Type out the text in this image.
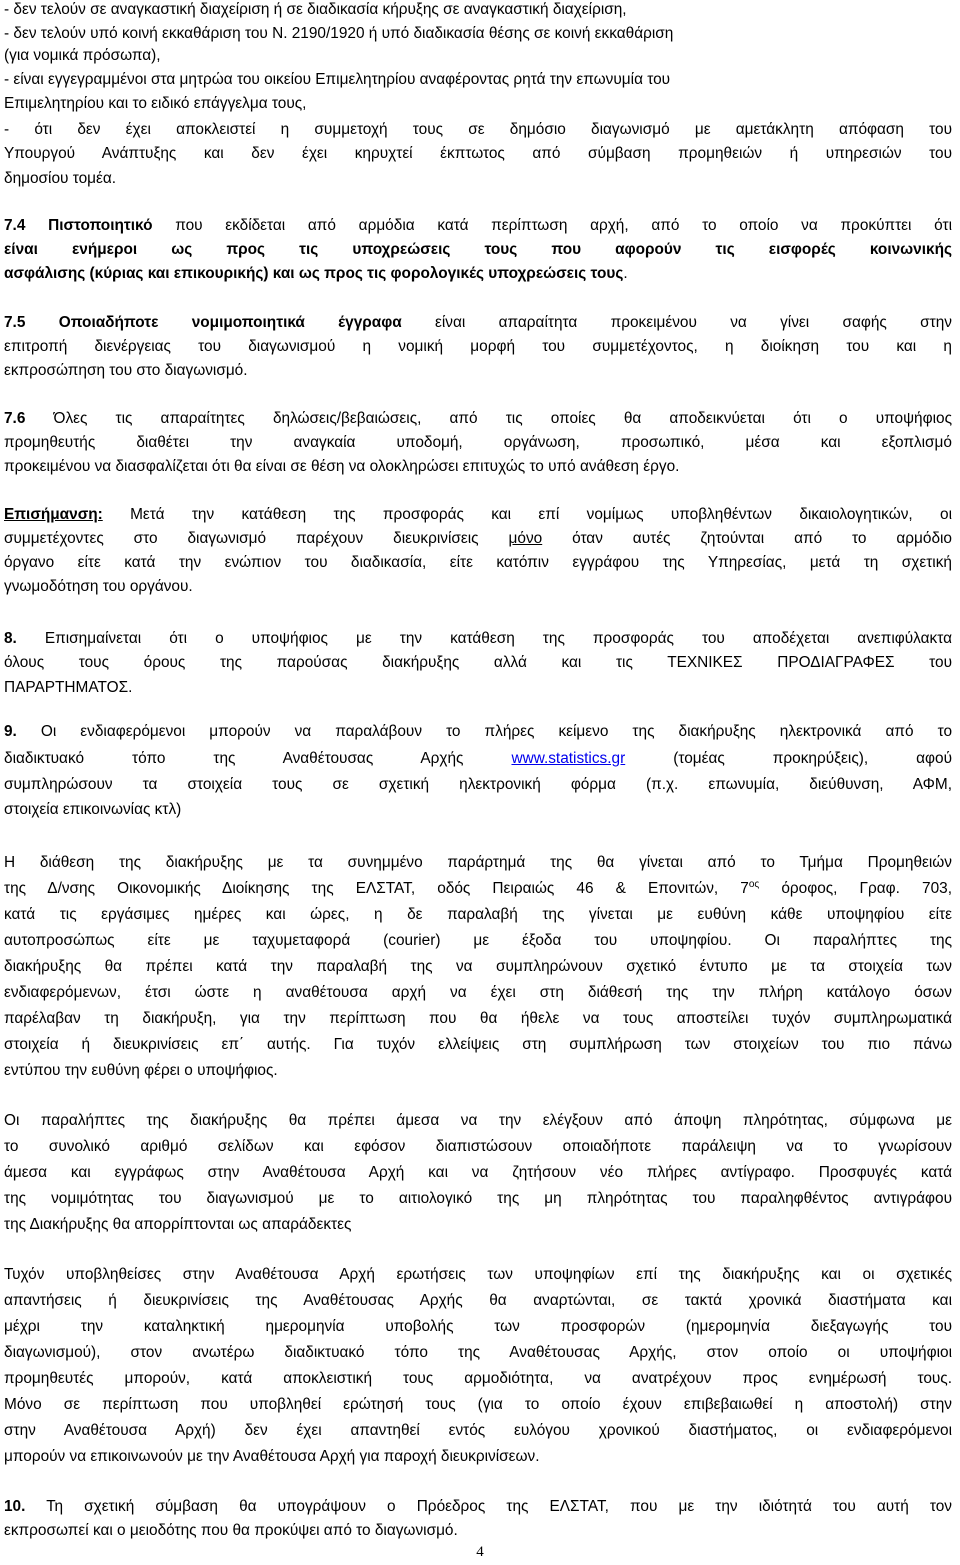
- δεν τελούν σε αναγκαστική διαχείριση ή σε διαδικασία κήρυξης σε αναγκαστική διαχείριση,
- δεν τελούν υπό κοινή εκκαθάριση του Ν. 2190/1920 ή υπό διαδικασία θέσης σε κοινή εκκαθάριση
(για νομικά πρόσωπα),
- είναι εγγεγραμμένοι στα μητρώα του οικείου Επιμελητηρίου αναφέροντας ρητά την επωνυμία του
Επιμελητηρίου και το ειδικό επάγγελμα τους,
- ότι δεν έχει αποκλειστεί η συμμετοχή τους σε δημόσιο διαγωνισμό με αμετάκλητη απόφαση του
Υπουργού Ανάπτυξης και δεν έχει κηρυχτεί έκπτωτος από σύμβαση προμηθειών ή υπηρεσιών του
δημοσίου τομέα.
7.4 Πιστοποιητικό που εκδίδεται από αρμόδια κατά περίπτωση αρχή, από το οποίο να προκύπτει ότι
είναι ενήμεροι ως προς τις υποχρεώσεις τους που αφορούν τις εισφορές κοινωνικής
ασφάλισης (κύριας και επικουρικής) και ως προς τις φορολογικές υποχρεώσεις τους.
7.5 Οποιαδήποτε νομιμοποιητικά έγγραφα είναι απαραίτητα προκειμένου να γίνει σαφής στην
επιτροπή διενέργειας του διαγωνισμού η νομική μορφή του συμμετέχοντος, η διοίκηση του και η
εκπροσώπηση του στο διαγωνισμό.
7.6 Όλες τις απαραίτητες δηλώσεις/βεβαιώσεις, από τις οποίες θα αποδεικνύεται ότι ο υποψήφιος
προμηθευτής διαθέτει την αναγκαία υποδομή, οργάνωση, προσωπικό, μέσα και εξοπλισμό
προκειμένου να διασφαλίζεται ότι θα είναι σε θέση να ολοκληρώσει επιτυχώς το υπό ανάθεση έργο.
Επισήμανση: Μετά την κατάθεση της προσφοράς και επί νομίμως υποβληθέντων δικαιολογητικών, οι
συμμετέχοντες στο διαγωνισμό παρέχουν διευκρινίσεις μόνο όταν αυτές ζητούνται από το αρμόδιο
όργανο είτε κατά την ενώπιον του διαδικασία, είτε κατόπιν εγγράφου της Υπηρεσίας, μετά τη σχετική
γνωμοδότηση του οργάνου.
8. Επισημαίνεται ότι ο υποψήφιος με την κατάθεση της προσφοράς του αποδέχεται ανεπιφύλακτα
όλους τους όρους της παρούσας διακήρυξης αλλά και τις ΤΕΧΝΙΚΕΣ ΠΡΟΔΙΑΓΡΑΦΕΣ του
ΠΑΡΑΡΤΗΜΑΤΟΣ.
9. Οι ενδιαφερόμενοι μπορούν να παραλάβουν το πλήρες κείμενο της διακήρυξης ηλεκτρονικά από το
διαδικτυακό τόπο της Αναθέτουσας Αρχής www.statistics.gr (τομέας προκηρύξεις), αφού
συμπληρώσουν τα στοιχεία τους σε σχετική ηλεκτρονική φόρμα (π.χ. επωνυμία, διεύθυνση, ΑΦΜ,
στοιχεία επικοινωνίας κτλ)
Η διάθεση της διακήρυξης με τα συνημμένο παράρτημά της θα γίνεται από το Τμήμα Προμηθειών
της Δ/νσης Οικονομικής Διοίκησης της ΕΛΣΤΑΤ, οδός Πειραιώς 46 & Επονιτών, $7^{o\varsigma}$ όροφος, Γραφ. 703,
κατά τις εργάσιμες ημέρες και ώρες, η δε παραλαβή της γίνεται με ευθύνη κάθε υποψηφίου είτε
αυτοπροσώπως είτε με ταχυμεταφορά (courier) με έξοδα του υποψηφίου. Οι παραλήπτες της
διακήρυξης θα πρέπει κατά την παραλαβή της να συμπληρώνουν σχετικό έντυπο με τα στοιχεία των
ενδιαφερόμενων, έτσι ώστε η αναθέτουσα αρχή να έχει στη διάθεσή της την πλήρη κατάλογο όσων
παρέλαβαν τη διακήρυξη, για την περίπτωση που θα ήθελε να τους αποστείλει τυχόν συμπληρωματικά
στοιχεία ή διευκρινίσεις επ΄ αυτής. Για τυχόν ελλείψεις στη συμπλήρωση των στοιχείων του πιο πάνω
εντύπου την ευθύνη φέρει ο υποψήφιος.
Οι παραλήπτες της διακήρυξης θα πρέπει άμεσα να την ελέγξουν από άποψη πληρότητας, σύμφωνα με
το συνολικό αριθμό σελίδων και εφόσον διαπιστώσουν οποιαδήποτε παράλειψη να το γνωρίσουν
άμεσα και εγγράφως στην Αναθέτουσα Αρχή και να ζητήσουν νέο πλήρες αντίγραφο. Προσφυγές κατά
της νομιμότητας του διαγωνισμού με το αιτιολογικό της μη πληρότητας του παραληφθέντος αντιγράφου
της Διακήρυξης θα απορρίπτονται ως απαράδεκτες
Τυχόν υποβληθείσες στην Αναθέτουσα Αρχή ερωτήσεις των υποψηφίων επί της διακήρυξης και οι σχετικές
απαντήσεις ή διευκρινίσεις της Αναθέτουσας Αρχής θα αναρτώνται, σε τακτά χρονικά διαστήματα και
μέχρι την καταληκτική ημερομηνία υποβολής των προσφορών (ημερομηνία διεξαγωγής του
διαγωνισμού), στον ανωτέρω διαδικτυακό τόπο της Αναθέτουσας Αρχής, στον οποίο οι υποψήφιοι
προμηθευτές μπορούν, κατά αποκλειστική τους αρμοδιότητα, να ανατρέχουν προς ενημέρωσή τους.
Μόνο σε περίπτωση που υποβληθεί ερώτησή τους (για το οποίο έχουν επιβεβαιωθεί η αποστολή) στην
στην Αναθέτουσα Αρχή) δεν έχει απαντηθεί εντός ευλόγου χρονικού διαστήματος, οι ενδιαφερόμενοι
μπορούν να επικοινωνούν με την Αναθέτουσα Αρχή για παροχή διευκρινίσεων.
10. Τη σχετική σύμβαση θα υπογράψουν ο Πρόεδρος της ΕΛΣΤΑΤ, που με την ιδιότητά του αυτή τον
εκπροσωπεί και ο μειοδότης που θα προκύψει από το διαγωνισμό.
4
